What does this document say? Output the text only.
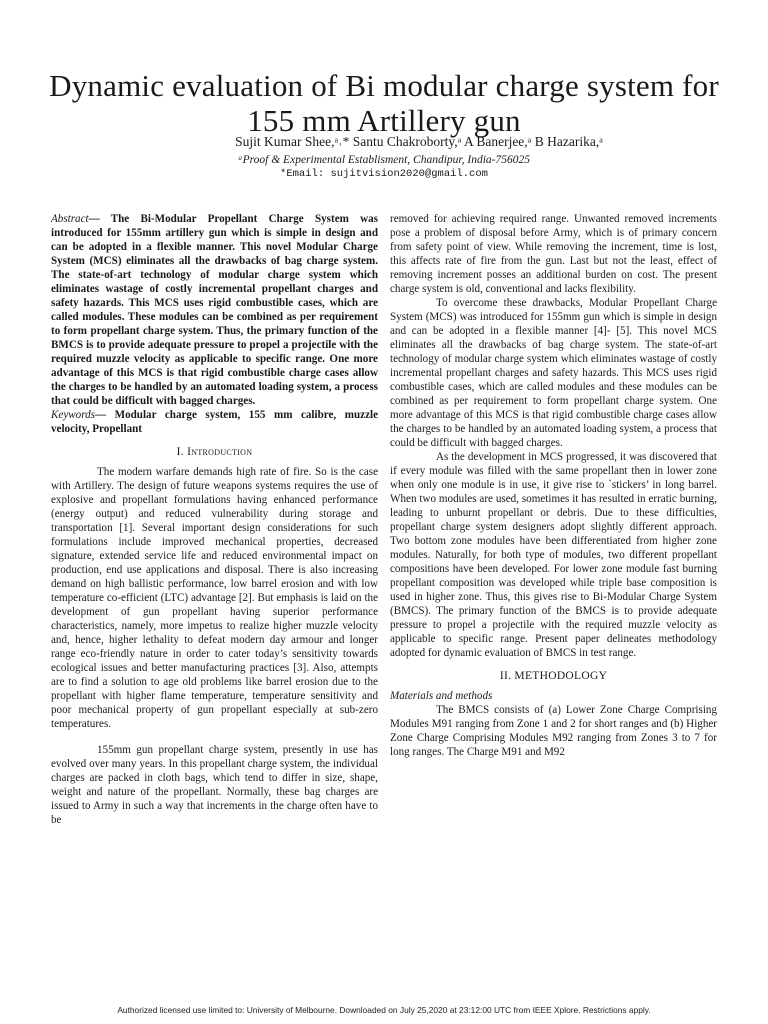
Dynamic evaluation of Bi modular charge system for 155 mm Artillery gun
Sujit Kumar Shee,ᵃ˒* Santu Chakroborty,ᵃ A Banerjee,ᵃ B Hazarika,ᵃ
ᵃProof & Experimental Establisment, Chandipur, India-756025
*Email: sujitvision2020@gmail.com

Abstract— The Bi-Modular Propellant Charge System was introduced for 155mm artillery gun which is simple in design and can be adopted in a flexible manner. This novel Modular Charge System (MCS) eliminates all the drawbacks of bag charge system. The state-of-art technology of modular charge system which eliminates wastage of costly incremental propellant charges and safety hazards. This MCS uses rigid combustible cases, which are called modules. These modules can be combined as per requirement to form propellant charge system. Thus, the primary function of the BMCS is to provide adequate pressure to propel a projectile with the required muzzle velocity as applicable to specific range. One more advantage of this MCS is that rigid combustible charge cases allow the charges to be handled by an automated loading system, a process that could be difficult with bagged charges.

Keywords— Modular charge system, 155 mm calibre, muzzle velocity, Propellant

I. Introduction

The modern warfare demands high rate of fire. So is the case with Artillery. The design of future weapons systems requires the use of explosive and propellant formulations having enhanced performance (energy output) and reduced vulnerability during storage and transportation [1]. Several important design considerations for such formulations include improved mechanical properties, decreased signature, extended service life and reduced environmental impact on production, end use applications and disposal. There is also increasing demand on high ballistic performance, low barrel erosion and with low temperature co-efficient (LTC) advantage [2]. But emphasis is laid on the development of gun propellant having superior performance characteristics, namely, more impetus to realize higher muzzle velocity and, hence, higher lethality to defeat modern day armour and longer range eco-friendly nature in order to cater today’s sensitivity towards ecological issues and better manufacturing practices [3]. Also, attempts are to find a solution to age old problems like barrel erosion due to the propellant with higher flame temperature, temperature sensitivity and poor mechanical property of gun propellant especially at sub-zero temperatures.

155mm gun propellant charge system, presently in use has evolved over many years. In this propellant charge system, the individual charges are packed in cloth bags, which tend to differ in size, shape, weight and nature of the propellant. Normally, these bag charges are issued to Army in such a way that increments in the charge often have to be

removed for achieving required range. Unwanted removed increments pose a problem of disposal before Army, which is of primary concern from safety point of view. While removing the increment, time is lost, this affects rate of fire from the gun. Last but not the least, effect of removing increment posses an additional burden on cost. The present charge system is old, conventional and lacks flexibility.

To overcome these drawbacks, Modular Propellant Charge System (MCS) was introduced for 155mm gun which is simple in design and can be adopted in a flexible manner [4]- [5]. This novel MCS eliminates all the drawbacks of bag charge system. The state-of-art technology of modular charge system which eliminates wastage of costly incremental propellant charges and safety hazards. This MCS uses rigid combustible cases, which are called modules and these modules can be combined as per requirement to form propellant charge system. One more advantage of this MCS is that rigid combustible charge cases allow the charges to be handled by an automated loading system, a process that could be difficult with bagged charges.

As the development in MCS progressed, it was discovered that if every module was filled with the same propellant then in lower zone when only one module is in use, it give rise to `stickers’ in long barrel. When two modules are used, sometimes it has resulted in erratic burning, leading to unburnt propellant or debris. Due to these difficulties, propellant charge system designers adopt slightly different approach. Two bottom zone modules have been differentiated from higher zone modules. Naturally, for both type of modules, two different propellant compositions have been developed. For lower zone module fast burning propellant composition was developed while triple base composition is used in higher zone. Thus, this gives rise to Bi-Modular Charge System (BMCS). The primary function of the BMCS is to provide adequate pressure to propel a projectile with the required muzzle velocity as applicable to specific range. Present paper delineates methodology adopted for dynamic evaluation of BMCS in test range.

II. METHODOLOGY

Materials and methods

The BMCS consists of (a) Lower Zone Charge Comprising Modules M91 ranging from Zone 1 and 2 for short ranges and (b) Higher Zone Charge Comprising Modules M92 ranging from Zones 3 to 7 for long ranges. The Charge M91 and M92

Authorized licensed use limited to: University of Melbourne. Downloaded on July 25,2020 at 23:12:00 UTC from IEEE Xplore. Restrictions apply.
